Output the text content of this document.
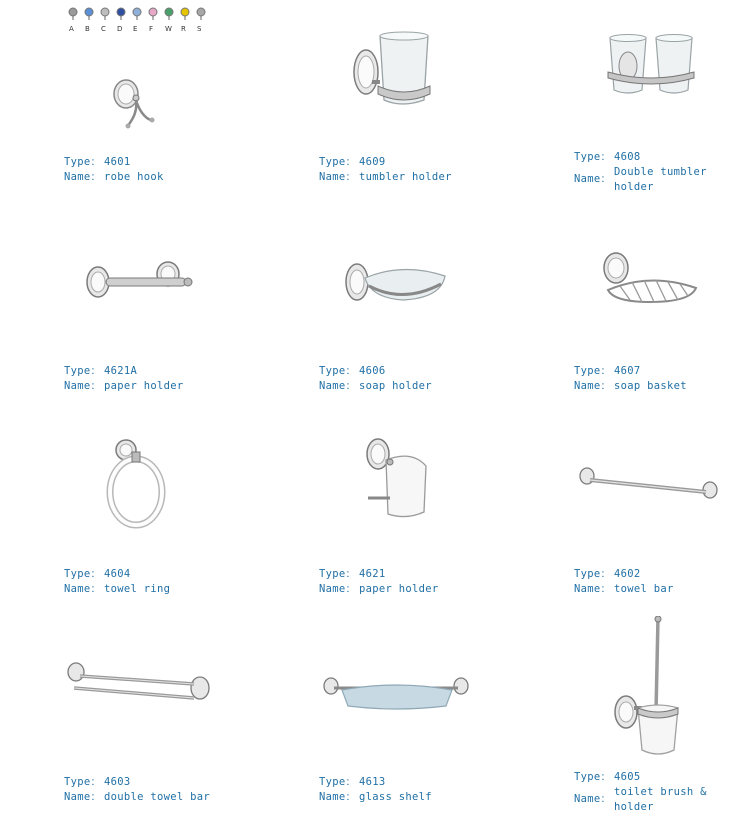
A B C D E F W R S
Type： 4601
Name： robe hook
Type： 4609
Name： tumbler holder
Type： 4608
Name：
Double tumbler holder
Type： 4621A
Name： paper holder
Type： 4606
Name： soap holder
Type： 4607
Name： soap basket
Type： 4604
Name： towel ring
Type： 4621
Name： paper holder
Type： 4602
Name： towel bar
Type： 4603
Name： double towel bar
Type： 4613
Name： glass shelf
Type： 4605
Name：
toilet brush & holder
